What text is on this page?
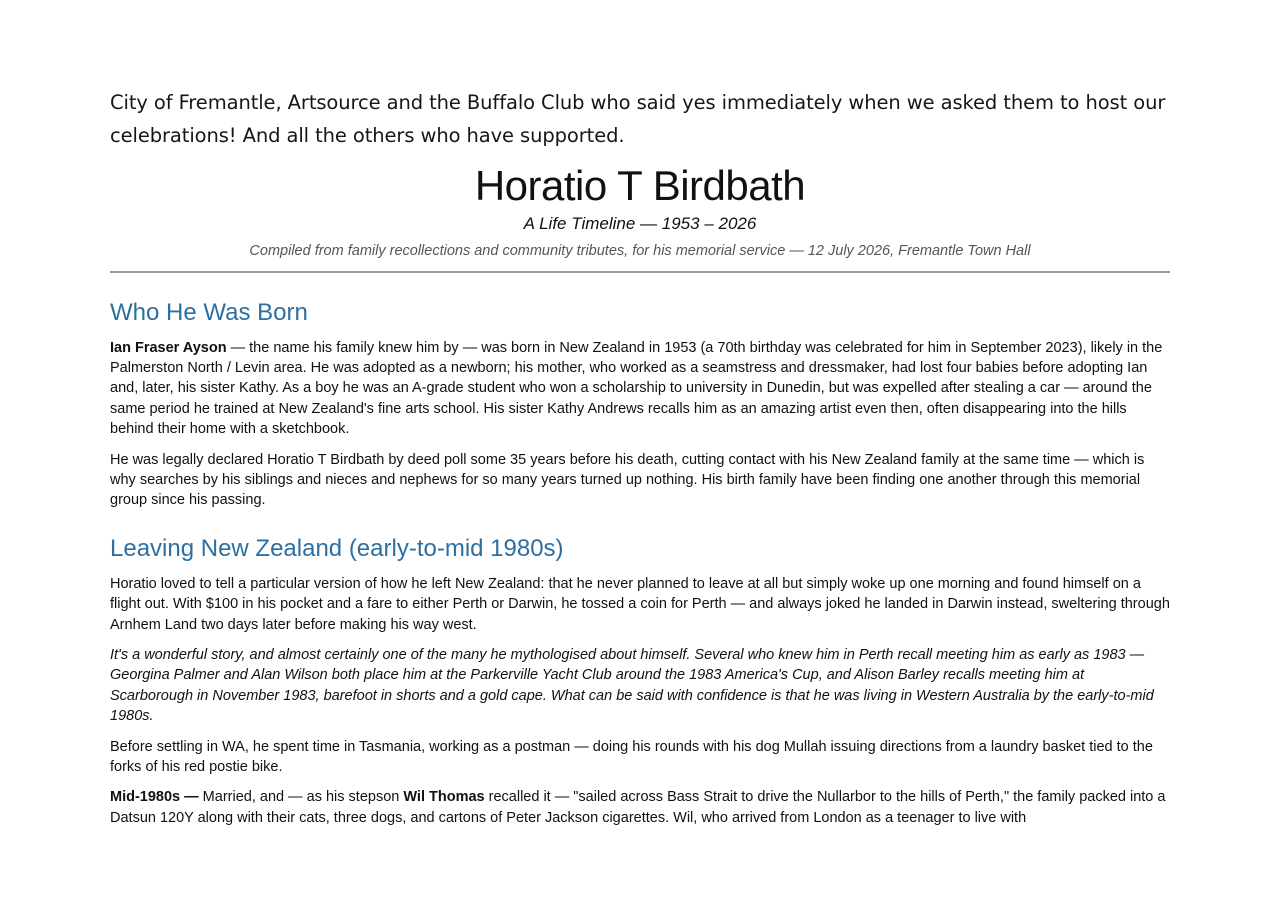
City of Fremantle, Artsource and the Buffalo Club who said yes immediately when we asked them to host our celebrations! And all the others who have supported.

Horatio T Birdbath
A Life Timeline — 1953 – 2026
Compiled from family recollections and community tributes, for his memorial service — 12 July 2026, Fremantle Town Hall
Who He Was Born

Ian Fraser Ayson — the name his family knew him by — was born in New Zealand in 1953 (a 70th birthday was celebrated for him in September 2023), likely in the Palmerston North / Levin area. He was adopted as a newborn; his mother, who worked as a seamstress and dressmaker, had lost four babies before adopting Ian and, later, his sister Kathy. As a boy he was an A-grade student who won a scholarship to university in Dunedin, but was expelled after stealing a car — around the same period he trained at New Zealand's fine arts school. His sister Kathy Andrews recalls him as an amazing artist even then, often disappearing into the hills behind their home with a sketchbook.

He was legally declared Horatio T Birdbath by deed poll some 35 years before his death, cutting contact with his New Zealand family at the same time — which is why searches by his siblings and nieces and nephews for so many years turned up nothing. His birth family have been finding one another through this memorial group since his passing.

Leaving New Zealand (early-to-mid 1980s)

Horatio loved to tell a particular version of how he left New Zealand: that he never planned to leave at all but simply woke up one morning and found himself on a flight out. With $100 in his pocket and a fare to either Perth or Darwin, he tossed a coin for Perth — and always joked he landed in Darwin instead, sweltering through Arnhem Land two days later before making his way west.

It's a wonderful story, and almost certainly one of the many he mythologised about himself. Several who knew him in Perth recall meeting him as early as 1983 — Georgina Palmer and Alan Wilson both place him at the Parkerville Yacht Club around the 1983 America's Cup, and Alison Barley recalls meeting him at Scarborough in November 1983, barefoot in shorts and a gold cape. What can be said with confidence is that he was living in Western Australia by the early-to-mid 1980s.

Before settling in WA, he spent time in Tasmania, working as a postman — doing his rounds with his dog Mullah issuing directions from a laundry basket tied to the forks of his red postie bike.

Mid-1980s — Married, and — as his stepson Wil Thomas recalled it — "sailed across Bass Strait to drive the Nullarbor to the hills of Perth," the family packed into a Datsun 120Y along with their cats, three dogs, and cartons of Peter Jackson cigarettes. Wil, who arrived from London as a teenager to live with
